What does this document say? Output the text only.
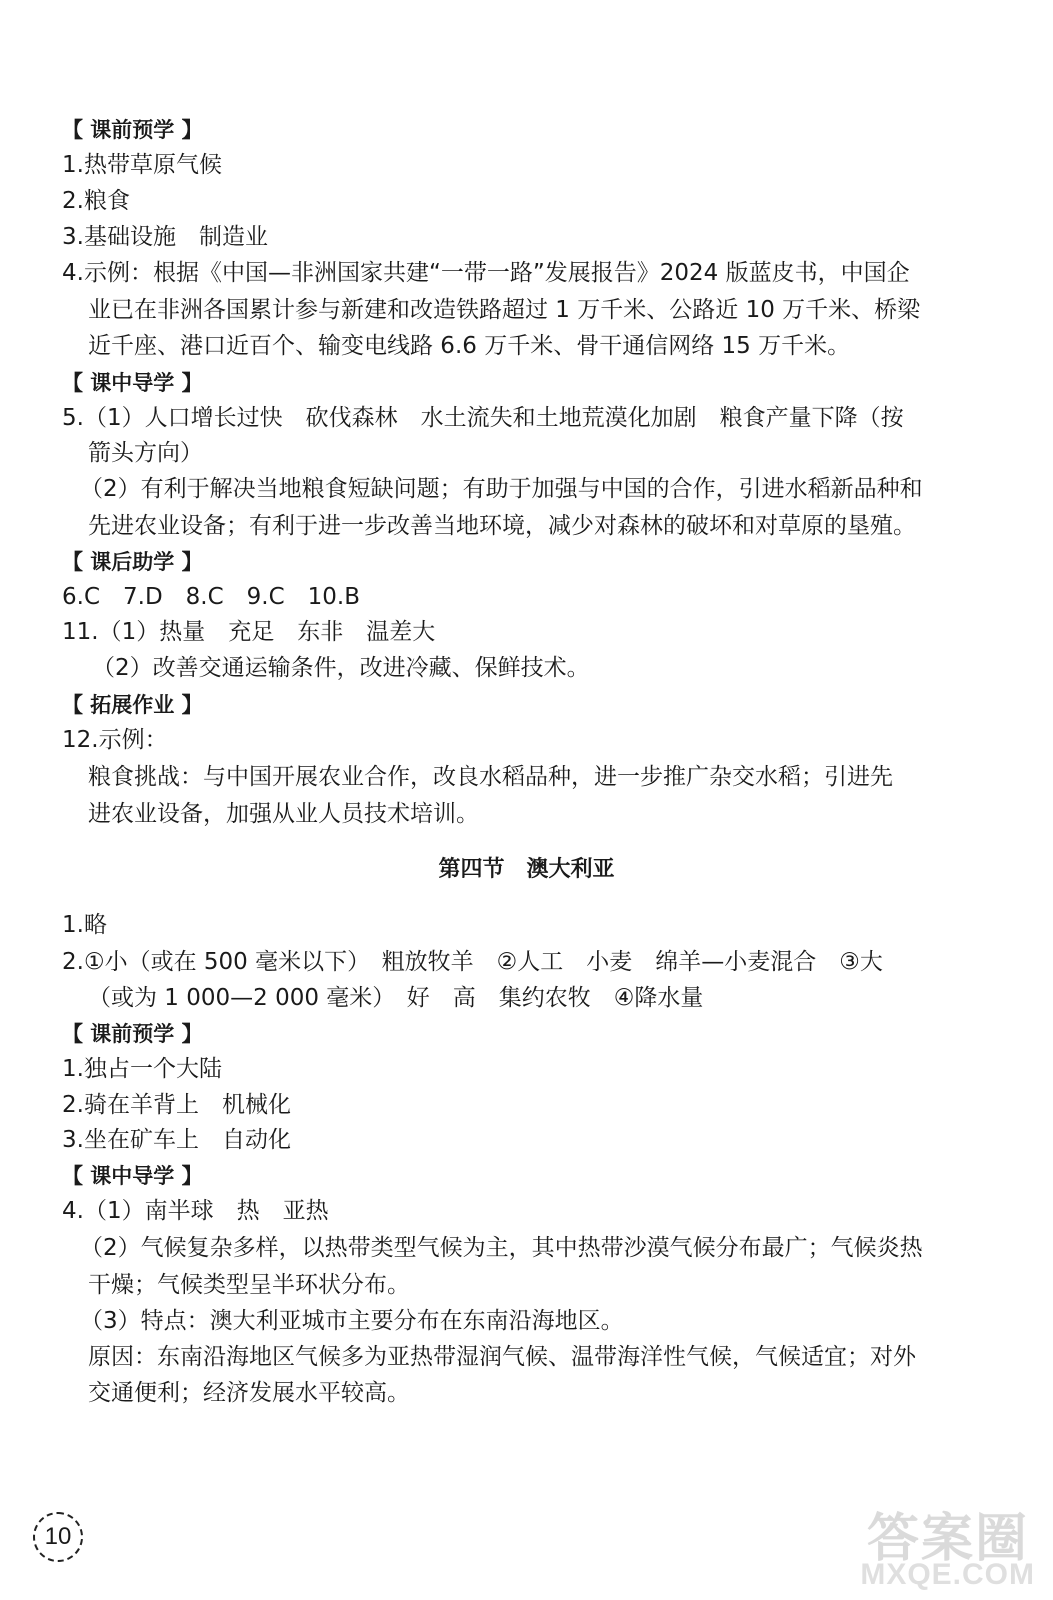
【 课前预学 】
1.热带草原气候
2.粮食
3.基础设施　制造业
4.示例：根据《中国—非洲国家共建“一带一路”发展报告》2024 版蓝皮书，中国企
业已在非洲各国累计参与新建和改造铁路超过 1 万千米、公路近 10 万千米、桥梁
近千座、港口近百个、输变电线路 6.6 万千米、骨干通信网络 15 万千米。
【 课中导学 】
5.（1）人口增长过快　砍伐森林　水土流失和土地荒漠化加剧　粮食产量下降（按
箭头方向）
（2）有利于解决当地粮食短缺问题；有助于加强与中国的合作，引进水稻新品种和
先进农业设备；有利于进一步改善当地环境，减少对森林的破坏和对草原的垦殖。
【 课后助学 】
6.C　7.D　8.C　9.C　10.B
11.（1）热量　充足　东非　温差大
（2）改善交通运输条件，改进冷藏、保鲜技术。
【 拓展作业 】
12.示例：
粮食挑战：与中国开展农业合作，改良水稻品种，进一步推广杂交水稻；引进先
进农业设备，加强从业人员技术培训。
第四节　澳大利亚
1.略
2.①小（或在 500 毫米以下）　粗放牧羊　②人工　小麦　绵羊—小麦混合　③大
（或为 1 000—2 000 毫米）　好　高　集约农牧　④降水量
【 课前预学 】
1.独占一个大陆
2.骑在羊背上　机械化
3.坐在矿车上　自动化
【 课中导学 】
4.（1）南半球　热　亚热
（2）气候复杂多样，以热带类型气候为主，其中热带沙漠气候分布最广；气候炎热
干燥；气候类型呈半环状分布。
（3）特点：澳大利亚城市主要分布在东南沿海地区。
原因：东南沿海地区气候多为亚热带湿润气候、温带海洋性气候，气候适宜；对外
交通便利；经济发展水平较高。
10	答案圈
MXQE.COM
